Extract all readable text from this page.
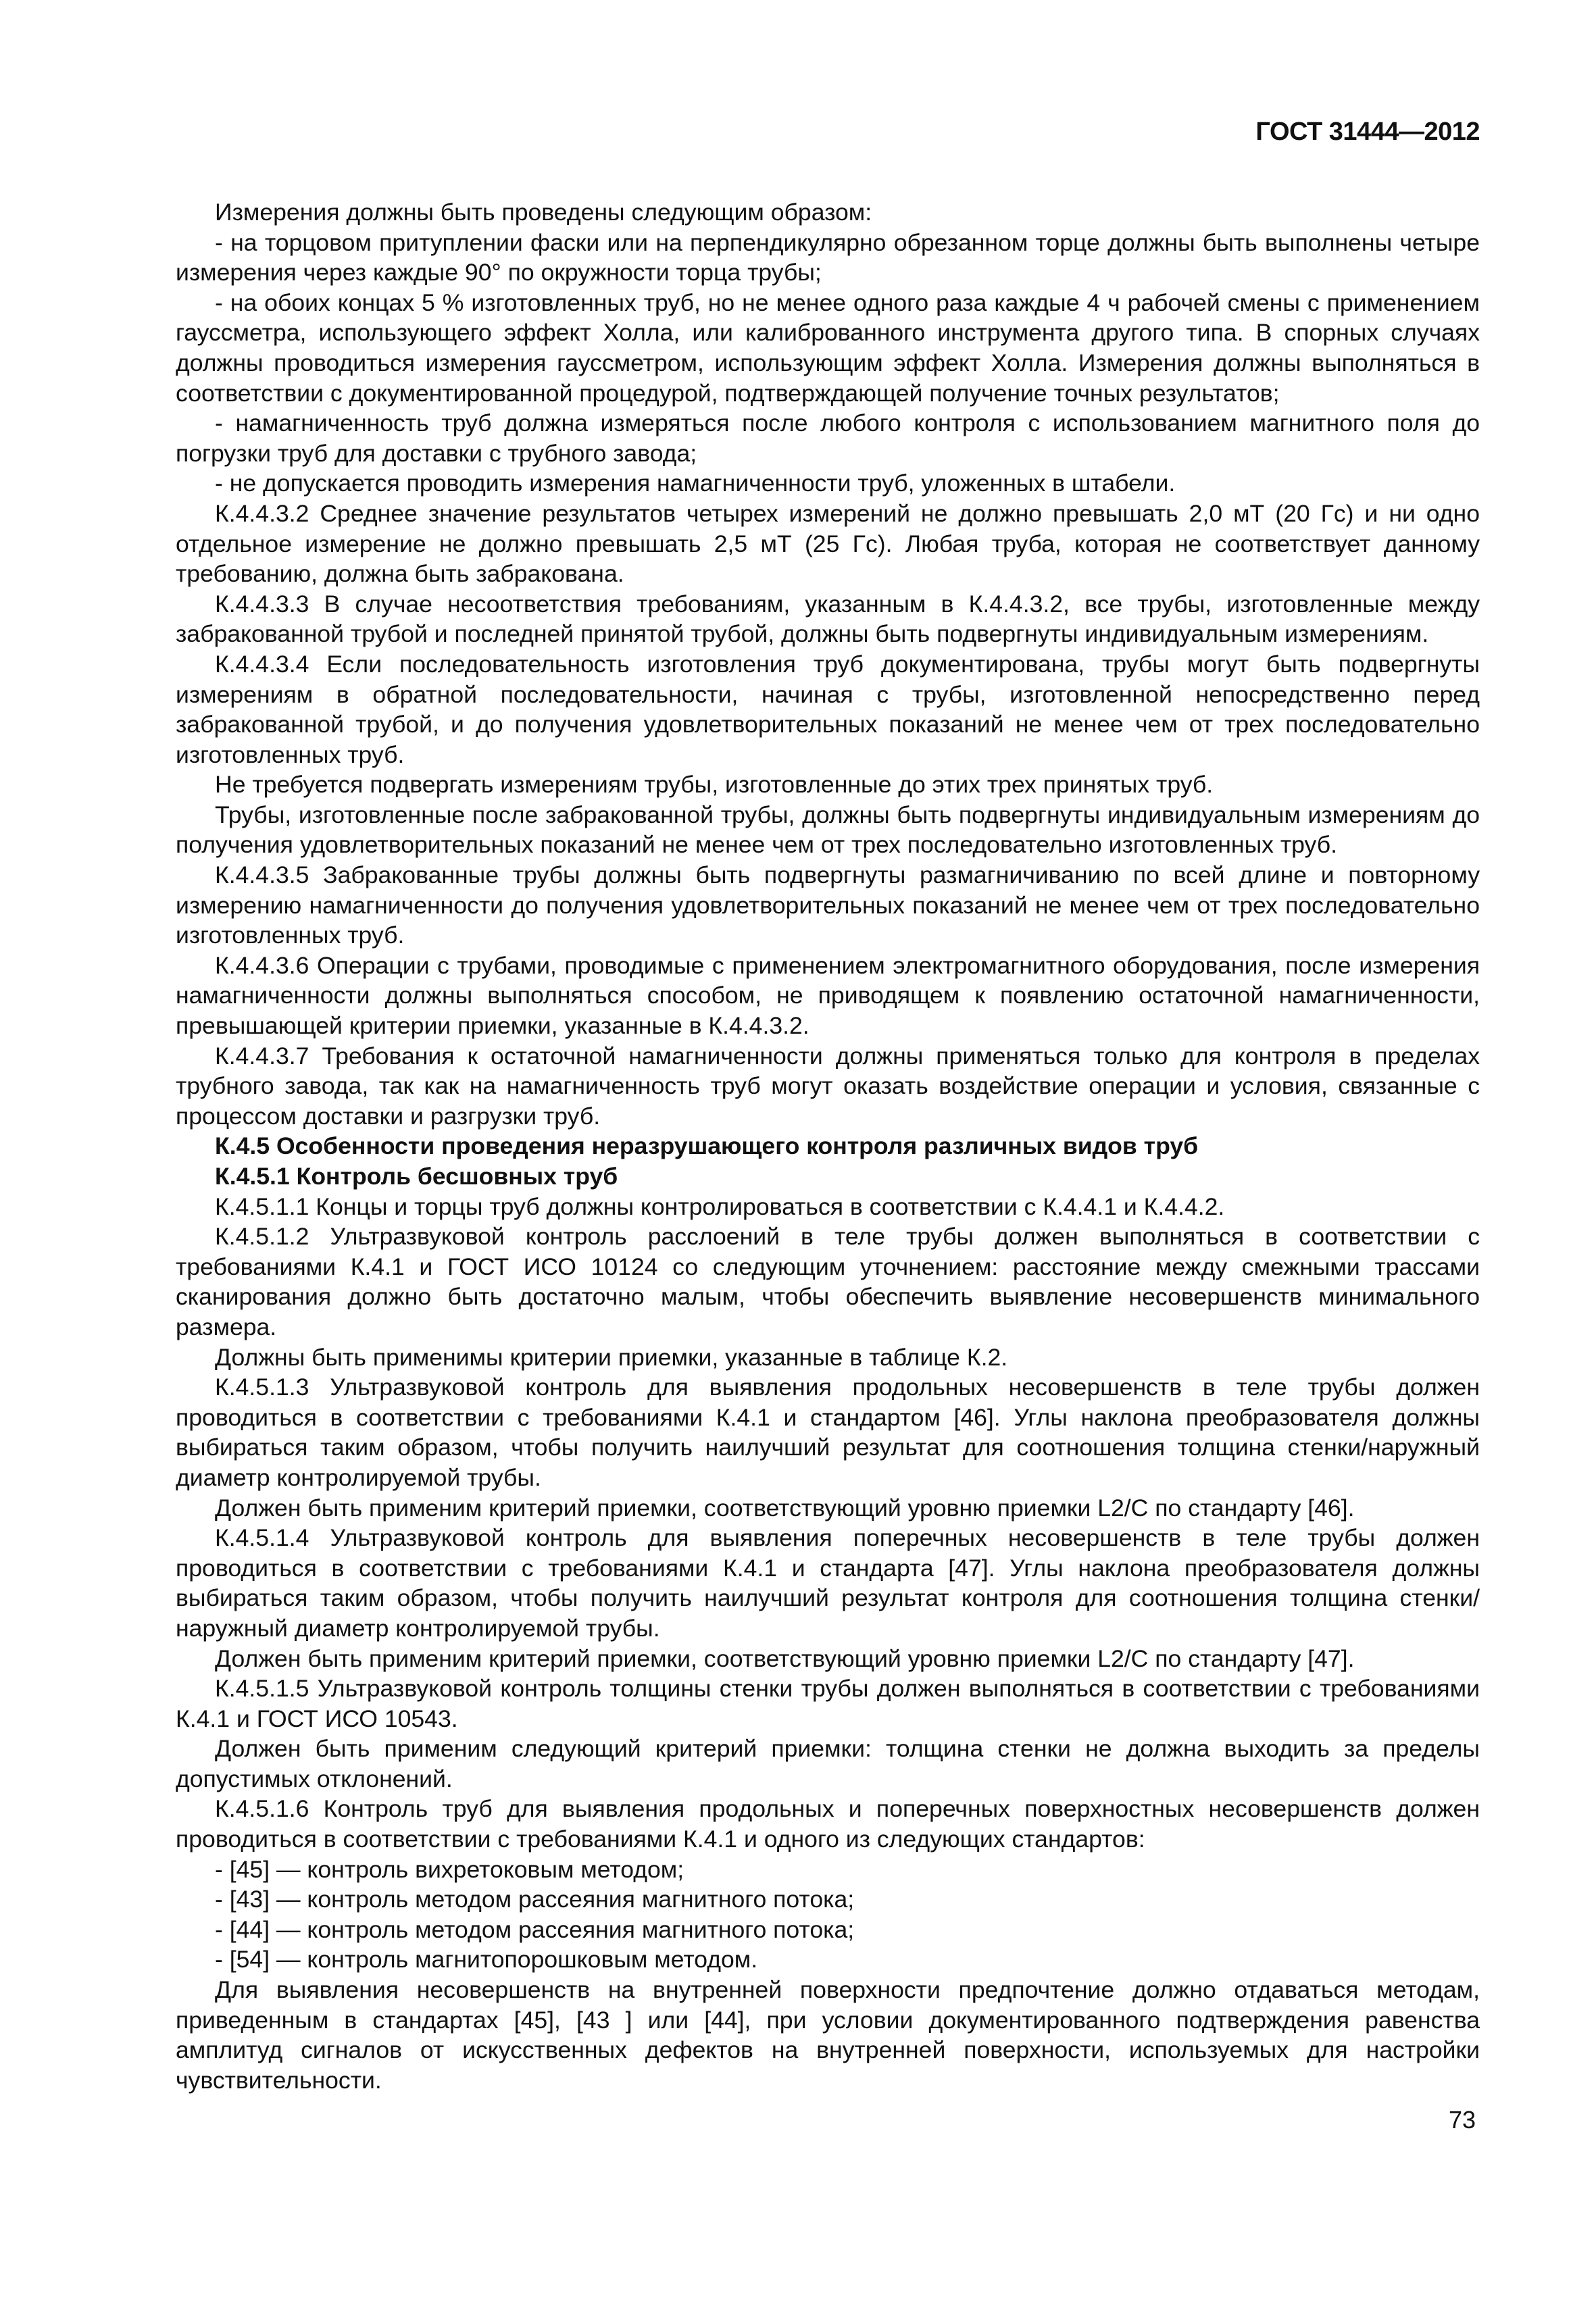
ГОСТ 31444—2012

Измерения должны быть проведены следующим образом:

- на торцовом притуплении фаски или на перпендикулярно обрезанном торце должны быть выполнены четыре измерения через каждые 90° по окружности торца трубы;

- на обоих концах 5 % изготовленных труб, но не менее одного раза каждые 4 ч рабочей смены с применением гауссметра, использующего эффект Холла, или калиброванного инструмента другого типа. В спорных случаях должны проводиться измерения гауссметром, использующим эффект Холла. Измерения должны выполняться в соответствии с документированной процедурой, подтверждающей получение точных результатов;

- намагниченность труб должна измеряться после любого контроля с использованием магнитного поля до погрузки труб для доставки с трубного завода;

- не допускается проводить измерения намагниченности труб, уложенных в штабели.

К.4.4.3.2 Среднее значение результатов четырех измерений не должно превышать 2,0 мТ (20 Гс) и ни одно отдельное измерение не должно превышать 2,5 мТ (25 Гс). Любая труба, которая не соответствует данному требованию, должна быть забракована.

К.4.4.3.3 В случае несоответствия требованиям, указанным в К.4.4.3.2, все трубы, изготовленные между забракованной трубой и последней принятой трубой, должны быть подвергнуты индивидуальным измерениям.

К.4.4.3.4 Если последовательность изготовления труб документирована, трубы могут быть подвергнуты измерениям в обратной последовательности, начиная с трубы, изготовленной непосредственно перед забракованной трубой, и до получения удовлетворительных показаний не менее чем от трех последовательно изготовленных труб.

Не требуется подвергать измерениям трубы, изготовленные до этих трех принятых труб.

Трубы, изготовленные после забракованной трубы, должны быть подвергнуты индивидуальным измерениям до получения удовлетворительных показаний не менее чем от трех последовательно изготовленных труб.

К.4.4.3.5 Забракованные трубы должны быть подвергнуты размагничиванию по всей длине и повторному измерению намагниченности до получения удовлетворительных показаний не менее чем от трех последовательно изготовленных труб.

К.4.4.3.6 Операции с трубами, проводимые с применением электромагнитного оборудования, после измерения намагниченности должны выполняться способом, не приводящем к появлению остаточной намагниченности, превышающей критерии приемки, указанные в К.4.4.3.2.

К.4.4.3.7 Требования к остаточной намагниченности должны применяться только для контроля в пределах трубного завода, так как на намагниченность труб могут оказать воздействие операции и условия, связанные с процессом доставки и разгрузки труб.

К.4.5 Особенности проведения неразрушающего контроля различных видов труб

К.4.5.1 Контроль бесшовных труб

К.4.5.1.1 Концы и торцы труб должны контролироваться в соответствии с К.4.4.1 и К.4.4.2.

К.4.5.1.2 Ультразвуковой контроль расслоений в теле трубы должен выполняться в соответствии с требованиями К.4.1 и ГОСТ ИСО 10124 со следующим уточнением: расстояние между смежными трассами сканирования должно быть достаточно малым, чтобы обеспечить выявление несовершенств минимального размера.

Должны быть применимы критерии приемки, указанные в таблице К.2.

К.4.5.1.3 Ультразвуковой контроль для выявления продольных несовершенств в теле трубы должен проводиться в соответствии с требованиями К.4.1 и стандартом [46]. Углы наклона преобразователя должны выбираться таким образом, чтобы получить наилучший результат для соотношения толщина стенки/наружный диаметр контролируемой трубы.

Должен быть применим критерий приемки, соответствующий уровню приемки L2/C по стандарту [46].

К.4.5.1.4 Ультразвуковой контроль для выявления поперечных несовершенств в теле трубы должен проводиться в соответствии с требованиями К.4.1 и стандарта [47]. Углы наклона преобразователя должны выбираться таким образом, чтобы получить наилучший результат контроля для соотношения толщина стенки/наружный диаметр контролируемой трубы.

Должен быть применим критерий приемки, соответствующий уровню приемки L2/C по стандарту [47].

К.4.5.1.5 Ультразвуковой контроль толщины стенки трубы должен выполняться в соответствии с требованиями К.4.1 и ГОСТ ИСО 10543.

Должен быть применим следующий критерий приемки: толщина стенки не должна выходить за пределы допустимых отклонений.

К.4.5.1.6 Контроль труб для выявления продольных и поперечных поверхностных несовершенств должен проводиться в соответствии с требованиями К.4.1 и одного из следующих стандартов:

- [45] — контроль вихретоковым методом;

- [43] — контроль методом рассеяния магнитного потока;

- [44] — контроль методом рассеяния магнитного потока;

- [54] — контроль магнитопорошковым методом.

Для выявления несовершенств на внутренней поверхности предпочтение должно отдаваться методам, приведенным в стандартах [45], [43 ] или [44], при условии документированного подтверждения равенства амплитуд сигналов от искусственных дефектов на внутренней поверхности, используемых для настройки чувствительности.

73
